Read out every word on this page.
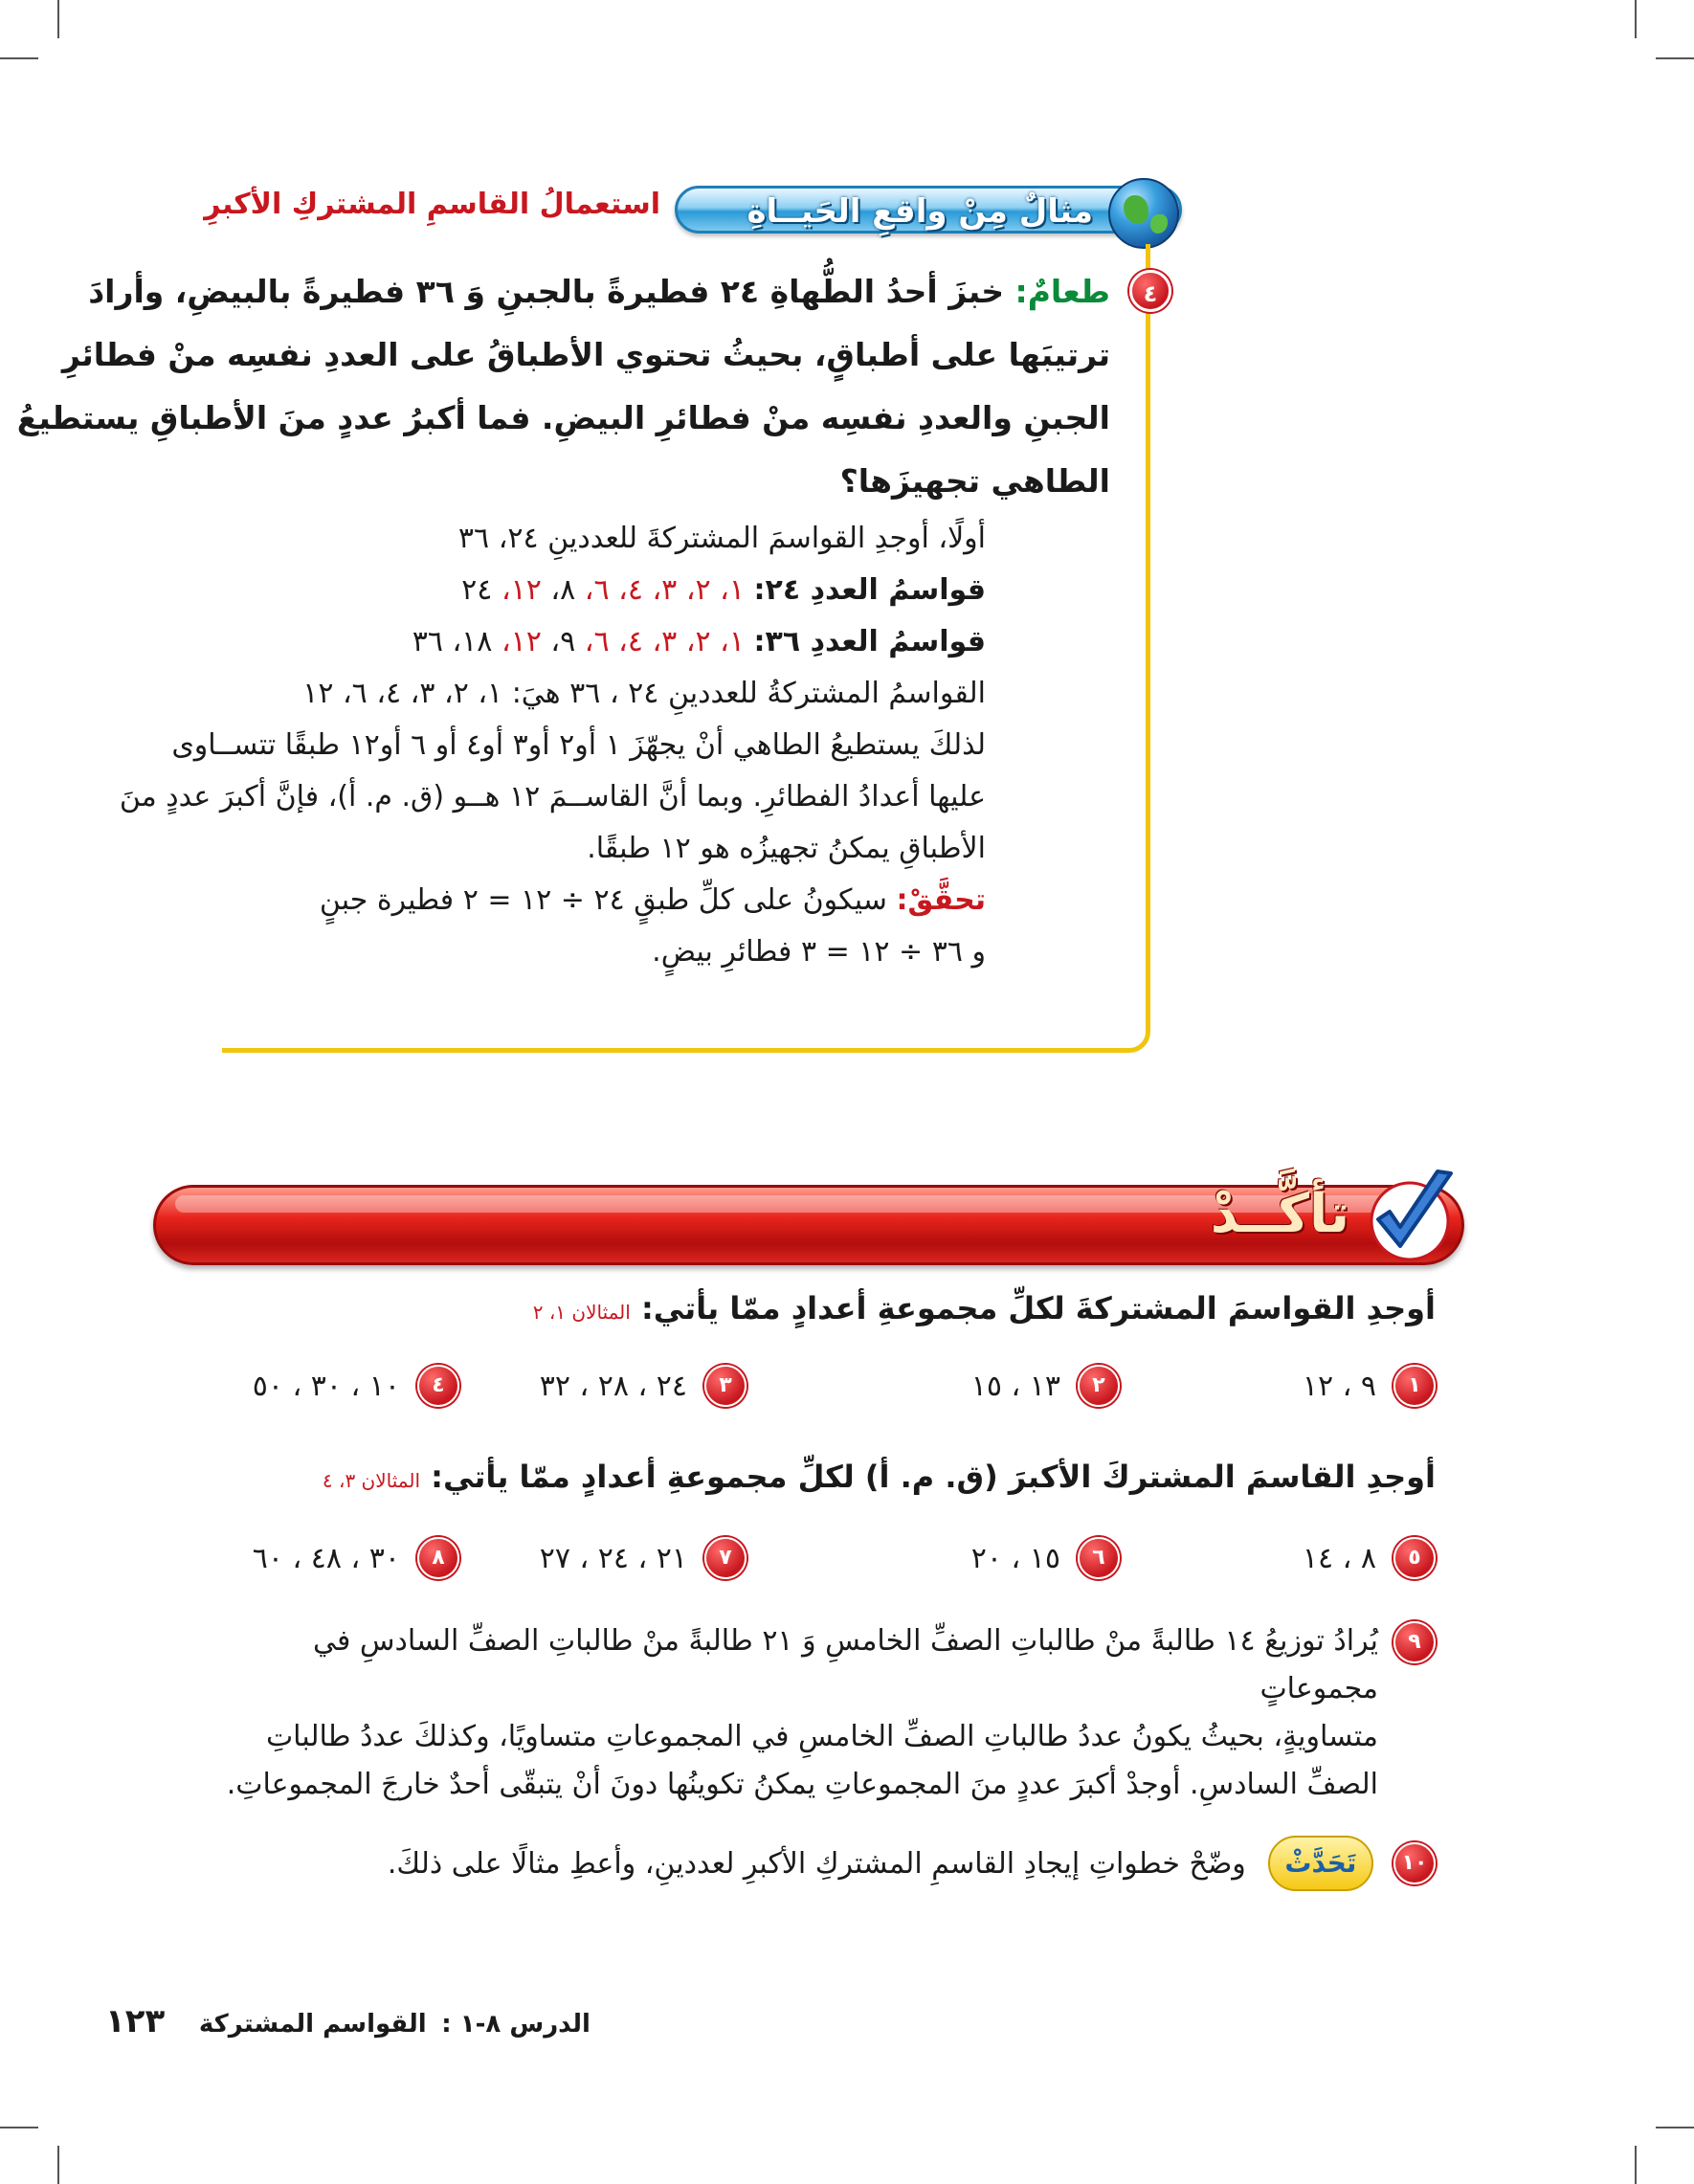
مثالٌ مِنْ واقعِ الحَيــاةِ
استعمالُ القاسمِ المشتركِ الأكبرِ
٤
طعامٌ: خبزَ أحدُ الطُّهاةِ ٢٤ فطيرةً بالجبنِ وَ ٣٦ فطيرةً بالبيضِ، وأرادَ
ترتيبَها على أطباقٍ، بحيثُ تحتوي الأطباقُ على العددِ نفسِه منْ فطائرِ
الجبنِ والعددِ نفسِه منْ فطائرِ البيضِ. فما أكبرُ عددٍ منَ الأطباقِ يستطيعُ
الطاهي تجهيزَها؟
أولًا، أوجدِ القواسمَ المشتركةَ للعددينِ ٢٤، ٣٦
قواسمُ العددِ ٢٤: ١، ٢، ٣، ٤، ٦، ٨، ١٢، ٢٤
قواسمُ العددِ ٣٦: ١، ٢، ٣، ٤، ٦، ٩، ١٢، ١٨، ٣٦
القواسمُ المشتركةُ للعددينِ ٢٤ ، ٣٦ هيَ: ١، ٢، ٣، ٤، ٦، ١٢
لذلكَ يستطيعُ الطاهي أنْ يجهّزَ ١ أو٢ أو٣ أو٤ أو ٦ أو١٢ طبقًا تتســاوى
عليها أعدادُ الفطائرِ. وبما أنَّ القاســمَ ١٢ هــو (ق. م. أ)، فإنَّ أكبرَ عددٍ منَ
الأطباقِ يمكنُ تجهيزُه هو ١٢ طبقًا.
تحقَّقْ: سيكونُ على كلِّ طبقٍ ٢٤ ÷ ١٢ = ٢ فطيرة جبنٍ
و ٣٦ ÷ ١٢ = ٣ فطائرِ بيضٍ.
تأكَّــدْ
أوجدِ القواسمَ المشتركةَ لكلِّ مجموعةِ أعدادٍ ممّا يأتي: المثالان ١، ٢
١٩ ، ١٢
٢١٣ ، ١٥
٣٢٤ ، ٢٨ ، ٣٢
٤١٠ ، ٣٠ ، ٥٠
أوجدِ القاسمَ المشتركَ الأكبرَ (ق. م. أ) لكلِّ مجموعةِ أعدادٍ ممّا يأتي: المثالان ٣، ٤
٥٨ ، ١٤
٦١٥ ، ٢٠
٧٢١ ، ٢٤ ، ٢٧
٨٣٠ ، ٤٨ ، ٦٠
٩
يُرادُ توزيعُ ١٤ طالبةً منْ طالباتِ الصفِّ الخامسِ وَ ٢١ طالبةً منْ طالباتِ الصفِّ السادسِ في مجموعاتٍ
متساويةٍ، بحيثُ يكونُ عددُ طالباتِ الصفِّ الخامسِ في المجموعاتِ متساويًا، وكذلكَ عددُ طالباتِ
الصفِّ السادسِ. أوجدْ أكبرَ عددٍ منَ المجموعاتِ يمكنُ تكوينُها دونَ أنْ يتبقّى أحدٌ خارجَ المجموعاتِ.
١٠ تَحَدَّثْ وضّحْ خطواتِ إيجادِ القاسمِ المشتركِ الأكبرِ لعددينِ، وأعطِ مثالًا على ذلكَ.
الدرس ٨-١ : القواسم المشتركة ١٢٣
